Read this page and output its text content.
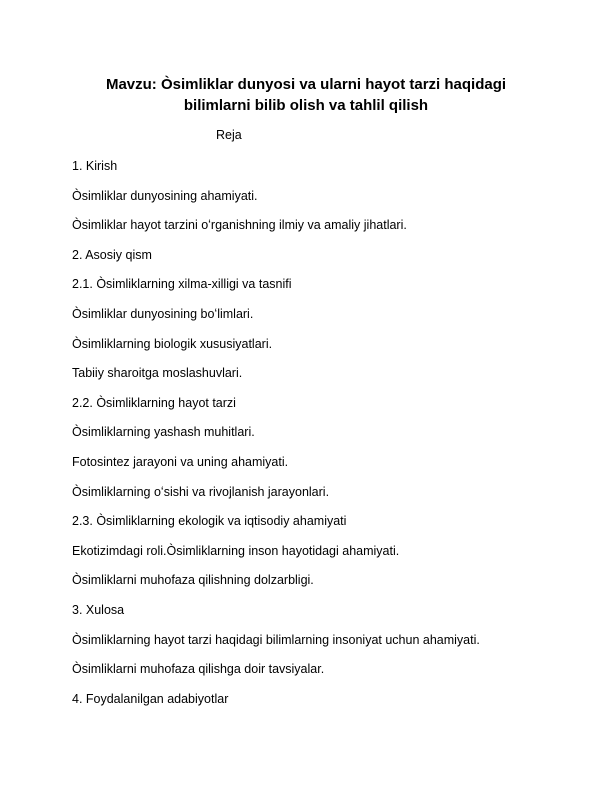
Mavzu: Òsimliklar dunyosi va ularni hayot tarzi haqidagi bilimlarni bilib olish va tahlil qilish
Reja
1. Kirish
Òsimliklar dunyosining ahamiyati.
Òsimliklar hayot tarzini oʻrganishning ilmiy va amaliy jihatlari.
2. Asosiy qism
2.1. Òsimliklarning xilma-xilligi va tasnifi
Òsimliklar dunyosining boʻlimlari.
Òsimliklarning biologik xususiyatlari.
Tabiiy sharoitga moslashuvlari.
2.2. Òsimliklarning hayot tarzi
Òsimliklarning yashash muhitlari.
Fotosintez jarayoni va uning ahamiyati.
Òsimliklarning oʻsishi va rivojlanish jarayonlari.
2.3. Òsimliklarning ekologik va iqtisodiy ahamiyati
Ekotizimdagi roli.Òsimliklarning inson hayotidagi ahamiyati.
Òsimliklarni muhofaza qilishning dolzarbligi.
3. Xulosa
Òsimliklarning hayot tarzi haqidagi bilimlarning insoniyat uchun ahamiyati.
Òsimliklarni muhofaza qilishga doir tavsiyalar.
4. Foydalanilgan adabiyotlar
